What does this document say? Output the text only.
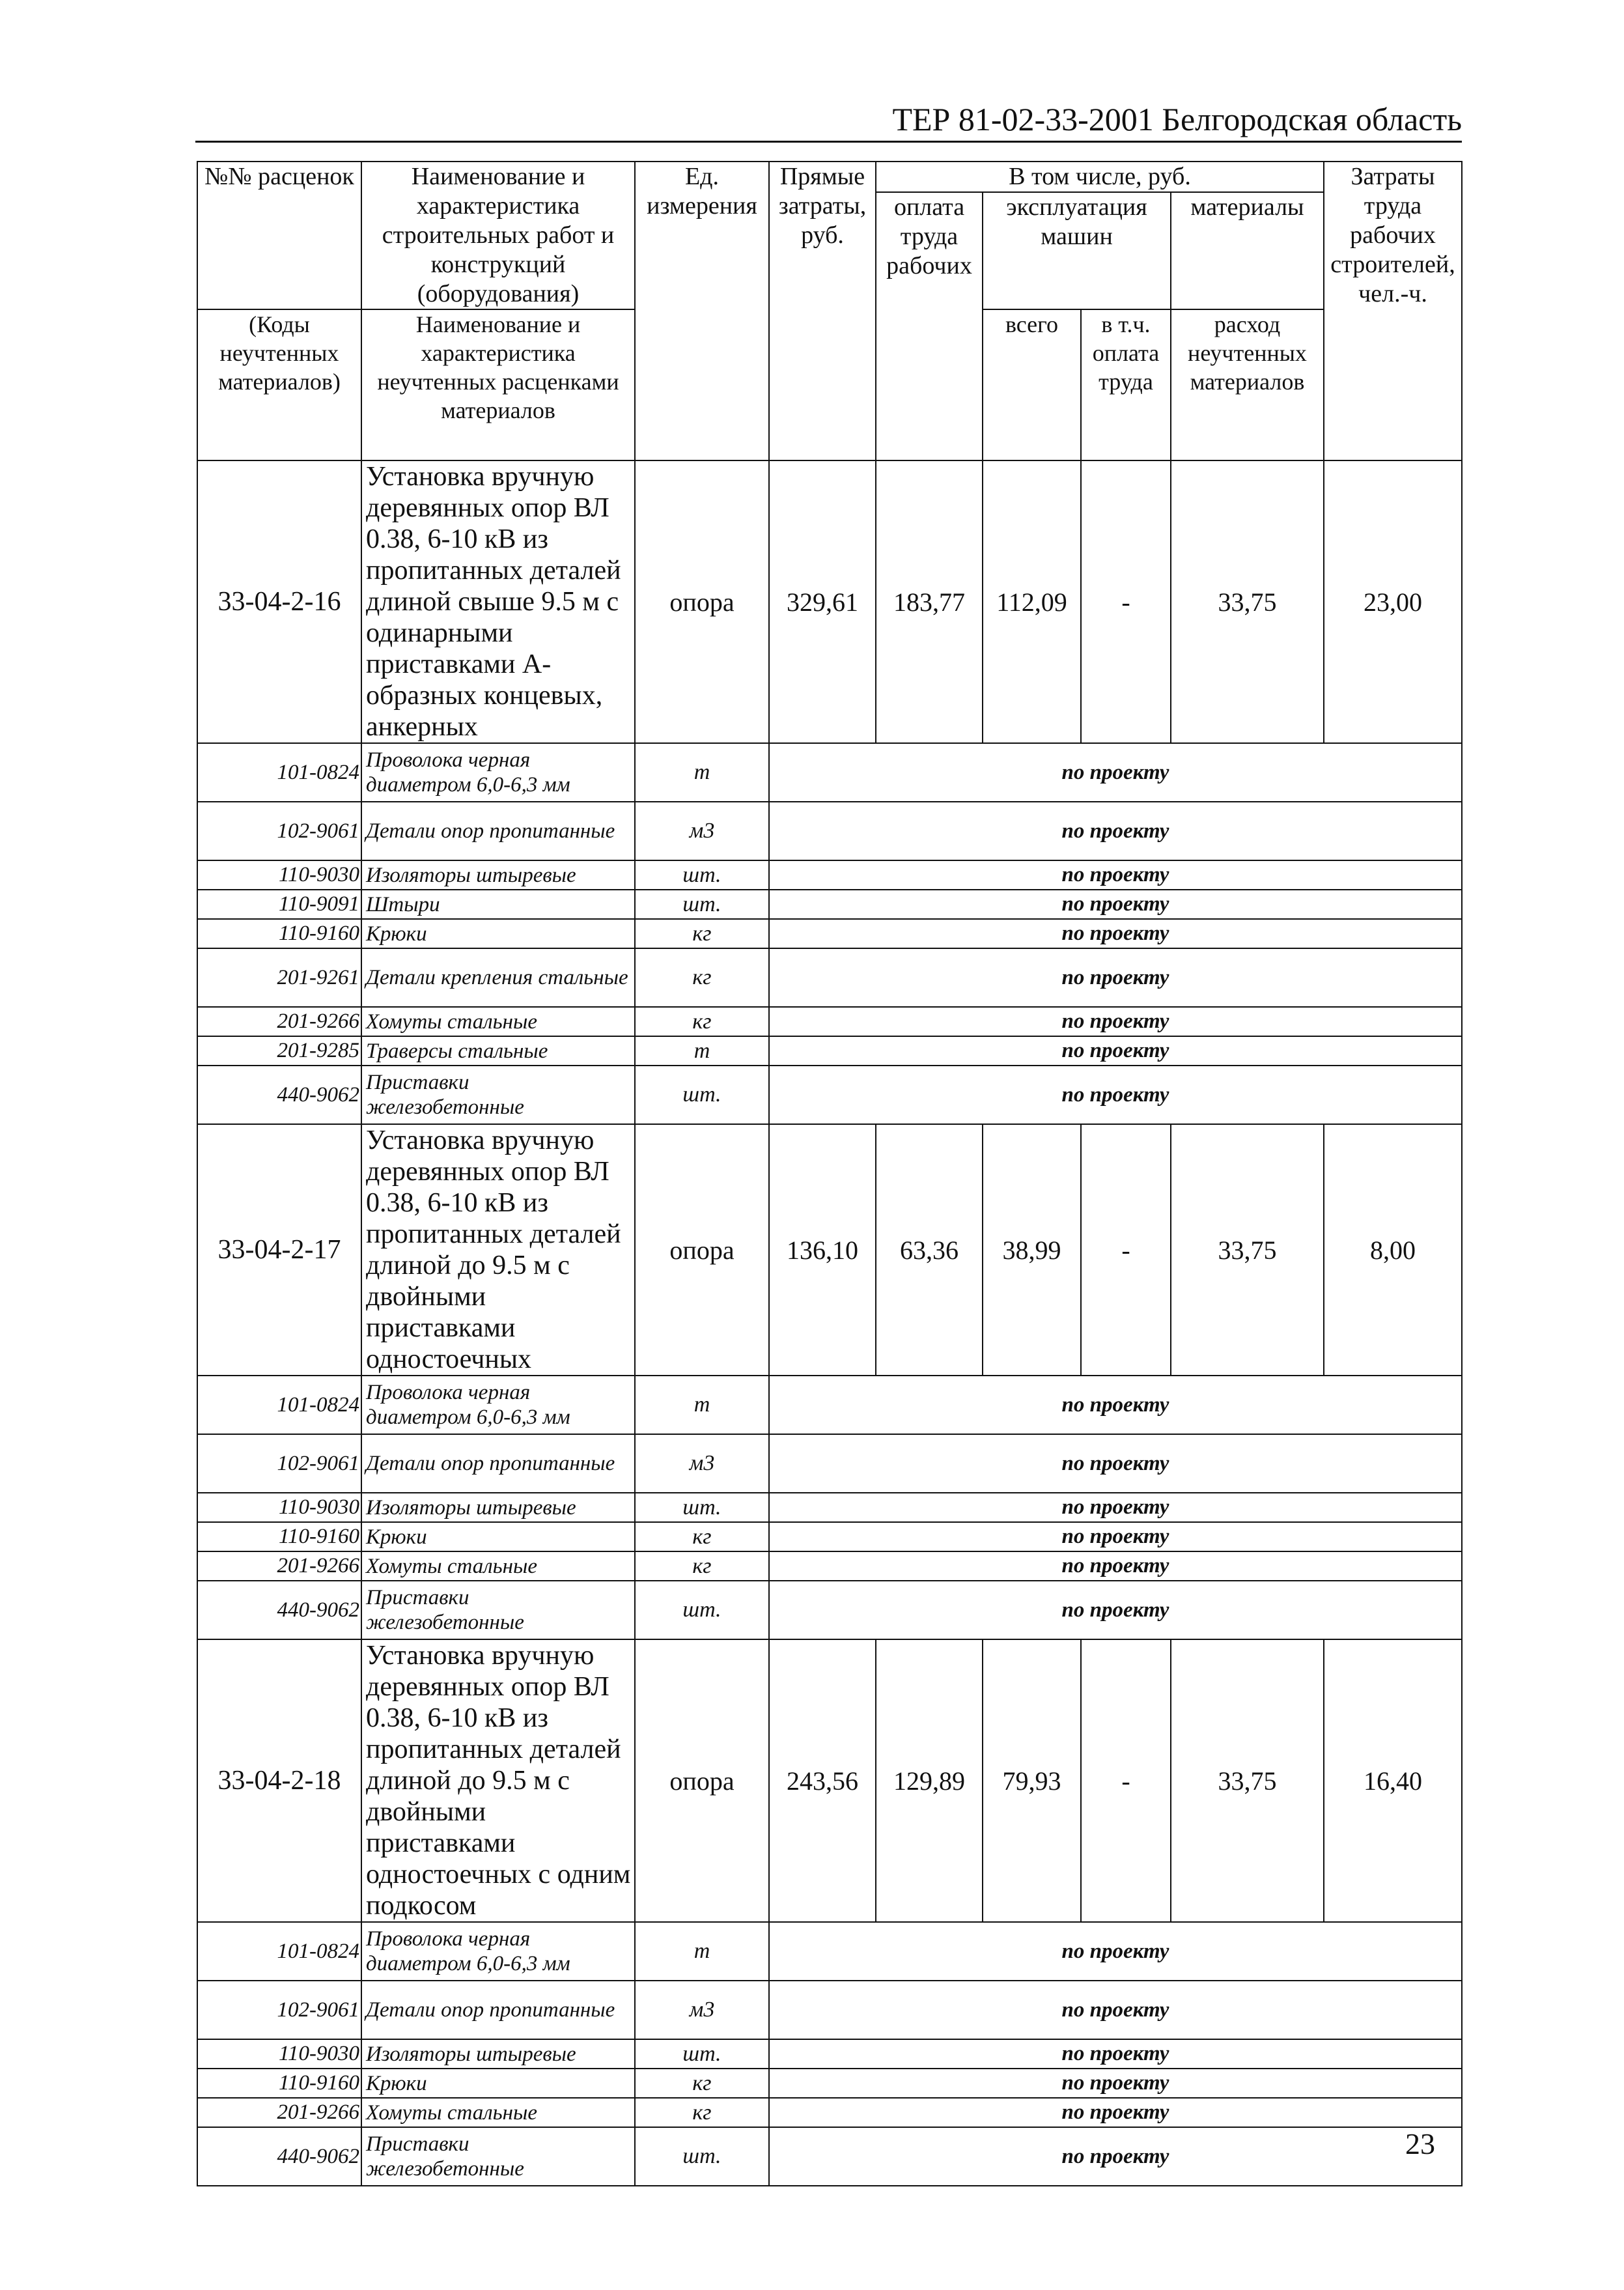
ТЕР 81-02-33-2001 Белгородская область
№№ расценок	Наименование и характеристика строительных работ и конструкций (оборудования)	Ед. измерения	Прямые затраты, руб.	В том числе, руб.				Затраты труда рабочих строителей, чел.-ч.
				оплата труда рабочих	эксплуатация машин		материалы	

(Коды неучтенных материалов)	Наименование и характеристика неучтенных расценками материалов				всего	в т.ч. оплата труда	расход неучтенных материалов	

33-04-2-16	Установка вручную деревянных опор ВЛ 0.38, 6-10 кВ из пропитанных деталей длиной свыше 9.5 м с одинарными приставками А- образных концевых, анкерных	опора	329,61	183,77	112,09	-	33,75	23,00
101-0824	Проволока черная диаметром 6,0-6,3 мм	т	по проекту					
102-9061	Детали опор пропитанные	м3	по проекту					
110-9030	Изоляторы штыревые	шт.	по проекту					
110-9091	Штыри	шт.	по проекту					
110-9160	Крюки	кг	по проекту					
201-9261	Детали крепления стальные	кг	по проекту					
201-9266	Хомуты стальные	кг	по проекту					
201-9285	Траверсы стальные	т	по проекту					
440-9062	Приставки железобетонные	шт.	по проекту					
33-04-2-17	Установка вручную деревянных опор ВЛ 0.38, 6-10 кВ из пропитанных деталей длиной до 9.5 м с двойными приставками одностоечных	опора	136,10	63,36	38,99	-	33,75	8,00
101-0824	Проволока черная диаметром 6,0-6,3 мм	т	по проекту					
102-9061	Детали опор пропитанные	м3	по проекту					
110-9030	Изоляторы штыревые	шт.	по проекту					
110-9160	Крюки	кг	по проекту					
201-9266	Хомуты стальные	кг	по проекту					
440-9062	Приставки железобетонные	шт.	по проекту					
33-04-2-18	Установка вручную деревянных опор ВЛ 0.38, 6-10 кВ из пропитанных деталей длиной до 9.5 м с двойными приставками одностоечных с одним подкосом	опора	243,56	129,89	79,93	-	33,75	16,40
101-0824	Проволока черная диаметром 6,0-6,3 мм	т	по проекту					
102-9061	Детали опор пропитанные	м3	по проекту					
110-9030	Изоляторы штыревые	шт.	по проекту					
110-9160	Крюки	кг	по проекту					
201-9266	Хомуты стальные	кг	по проекту					
440-9062	Приставки железобетонные	шт.	по проекту						23
